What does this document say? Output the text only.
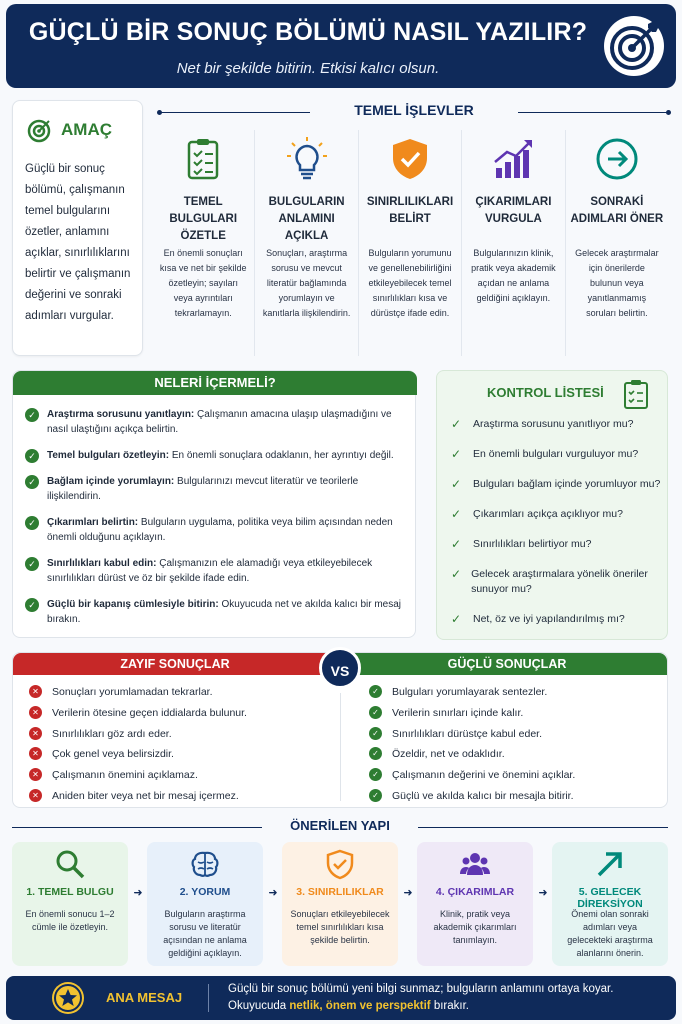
GÜÇLÜ BİR SONUÇ BÖLÜMÜ NASIL YAZILIR?
Net bir şekilde bitirin. Etkisi kalıcı olsun.
AMAÇ
Güçlü bir sonuç bölümü, çalışmanın temel bulgularını özetler, anlamını açıklar, sınırlılıklarını belirtir ve çalışmanın değerini ve sonraki adımları vurgular.
TEMEL İŞLEVLER
TEMEL BULGULARI ÖZETLE
En önemli sonuçları kısa ve net bir şekilde özetleyin; sayıları veya ayrıntıları tekrarlamayın.
BULGULARIN ANLAMINI AÇIKLA
Sonuçları, araştırma sorusu ve mevcut literatür bağlamında yorumlayın ve kanıtlarla ilişkilendirin.
SINIRLILIKLARI BELİRT
Bulguların yorumunu ve genellenebilirliğini etkileyebilecek temel sınırlılıkları kısa ve dürüstçe ifade edin.
ÇIKARIMLARI VURGULA
Bulgularınızın klinik, pratik veya akademik açıdan ne anlama geldiğini açıklayın.
SONRAKİ ADIMLARI ÖNER
Gelecek araştırmalar için önerilerde bulunun veya yanıtlanmamış soruları belirtin.
NELERİ İÇERMELİ?
✓	Araştırma sorusunu yanıtlayın: Çalışmanın amacına ulaşıp ulaşmadığını ve nasıl ulaştığını açıkça belirtin.
✓	Temel bulguları özetleyin: En önemli sonuçlara odaklanın, her ayrıntıyı değil.
✓	Bağlam içinde yorumlayın: Bulgularınızı mevcut literatür ve teorilerle ilişkilendirin.
✓	Çıkarımları belirtin: Bulguların uygulama, politika veya bilim açısından neden önemli olduğunu açıklayın.
✓	Sınırlılıkları kabul edin: Çalışmanızın ele alamadığı veya etkileyebilecek sınırlılıkları dürüst ve öz bir şekilde ifade edin.
✓	Güçlü bir kapanış cümlesiyle bitirin: Okuyucuda net ve akılda kalıcı bir mesaj bırakın.
KONTROL LİSTESİ
✓ Araştırma sorusunu yanıtlıyor mu?
✓ En önemli bulguları vurguluyor mu?
✓ Bulguları bağlam içinde yorumluyor mu?
✓ Çıkarımları açıkça açıklıyor mu?
✓ Sınırlılıkları belirtiyor mu?
✓ Gelecek araştırmalara yönelik öneriler sunuyor mu?
✓ Net, öz ve iyi yapılandırılmış mı?
ZAYIF SONUÇLAR	GÜÇLÜ SONUÇLAR
VS
✕	Sonuçları yorumlamadan tekrarlar.
✕	Verilerin ötesine geçen iddialarda bulunur.
✕	Sınırlılıkları göz ardı eder.
✕	Çok genel veya belirsizdir.
✕	Çalışmanın önemini açıklamaz.
✕	Aniden biter veya net bir mesaj içermez.
✓	Bulguları yorumlayarak sentezler.
✓	Verilerin sınırları içinde kalır.
✓	Sınırlılıkları dürüstçe kabul eder.
✓	Özeldir, net ve odaklıdır.
✓	Çalışmanın değerini ve önemini açıklar.
✓	Güçlü ve akılda kalıcı bir mesajla bitirir.
ÖNERİLEN YAPI
1. TEMEL BULGU
En önemli sonucu 1–2 cümle ile özetleyin.
➜	2. YORUM
Bulguların araştırma sorusu ve literatür açısından ne anlama geldiğini açıklayın.
➜	3. SINIRLILIKLAR
Sonuçları etkileyebilecek temel sınırlılıkları kısa şekilde belirtin.
➜	4. ÇIKARIMLAR
Klinik, pratik veya akademik çıkarımları tanımlayın.
➜	5. GELECEK DİREKSİYON
Önemi olan sonraki adımları veya gelecekteki araştırma alanlarını önerin.
ANA MESAJ
Güçlü bir sonuç bölümü yeni bilgi sunmaz; bulguların anlamını ortaya koyar.
Okuyucuda netlik, önem ve perspektif bırakır.
